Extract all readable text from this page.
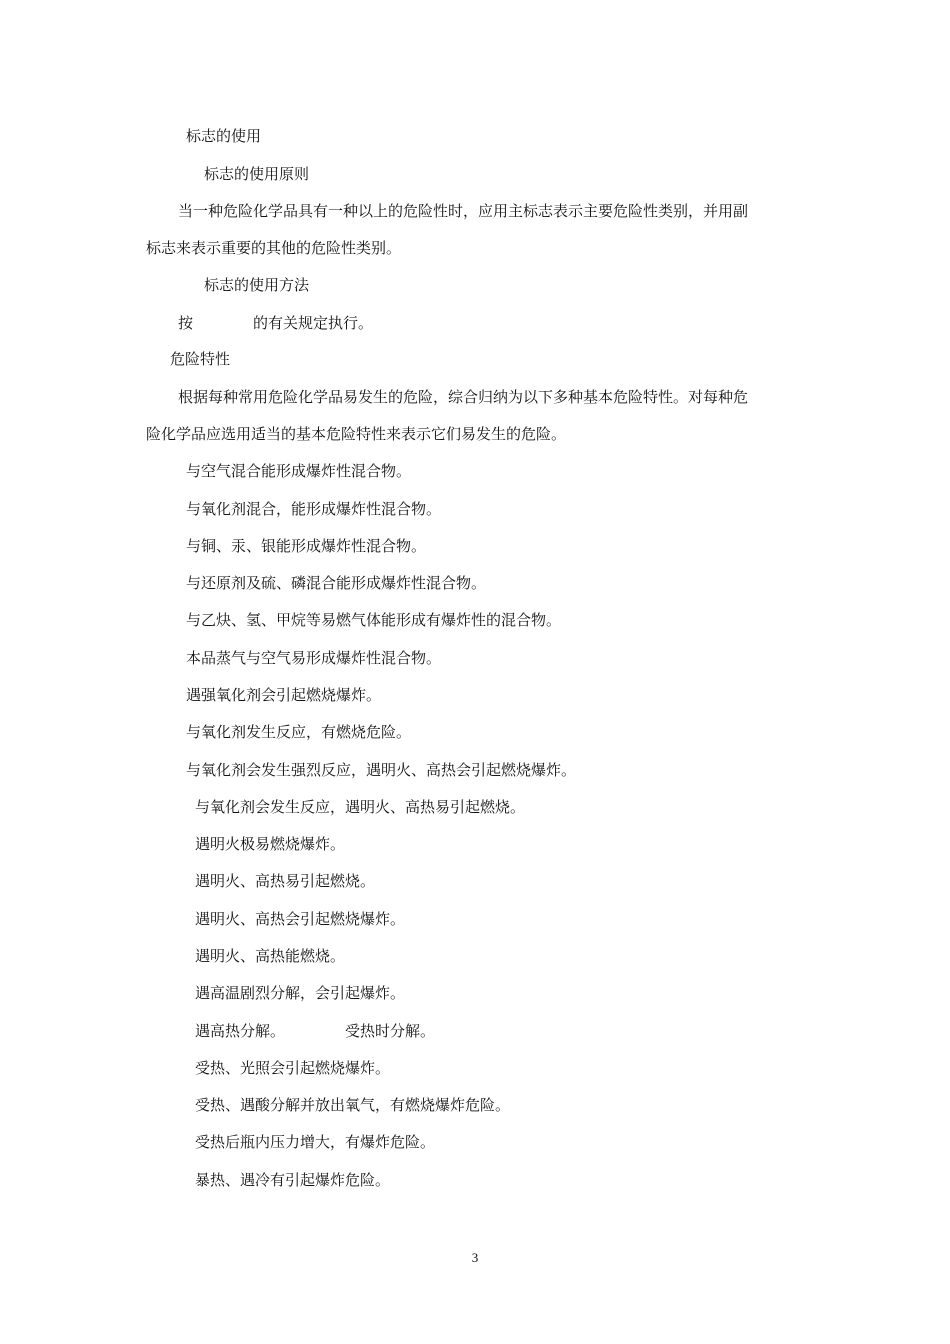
标志的使用

标志的使用原则

当一种危险化学品具有一种以上的危险性时，应用主标志表示主要危险性类别，并用副

标志来表示重要的其他的危险性类别。

标志的使用方法

按	的有关规定执行。

危险特性

根据每种常用危险化学品易发生的危险，综合归纳为以下多种基本危险特性。对每种危

险化学品应选用适当的基本危险特性来表示它们易发生的危险。

与空气混合能形成爆炸性混合物。

与氧化剂混合，能形成爆炸性混合物。

与铜、汞、银能形成爆炸性混合物。

与还原剂及硫、磷混合能形成爆炸性混合物。

与乙炔、氢、甲烷等易燃气体能形成有爆炸性的混合物。

本品蒸气与空气易形成爆炸性混合物。

遇强氧化剂会引起燃烧爆炸。

与氧化剂发生反应，有燃烧危险。

与氧化剂会发生强烈反应，遇明火、高热会引起燃烧爆炸。

与氧化剂会发生反应，遇明火、高热易引起燃烧。

遇明火极易燃烧爆炸。

遇明火、高热易引起燃烧。

遇明火、高热会引起燃烧爆炸。

遇明火、高热能燃烧。

遇高温剧烈分解，会引起爆炸。

遇高热分解。	受热时分解。

受热、光照会引起燃烧爆炸。

受热、遇酸分解并放出氧气，有燃烧爆炸危险。

受热后瓶内压力增大，有爆炸危险。

暴热、遇冷有引起爆炸危险。

3
